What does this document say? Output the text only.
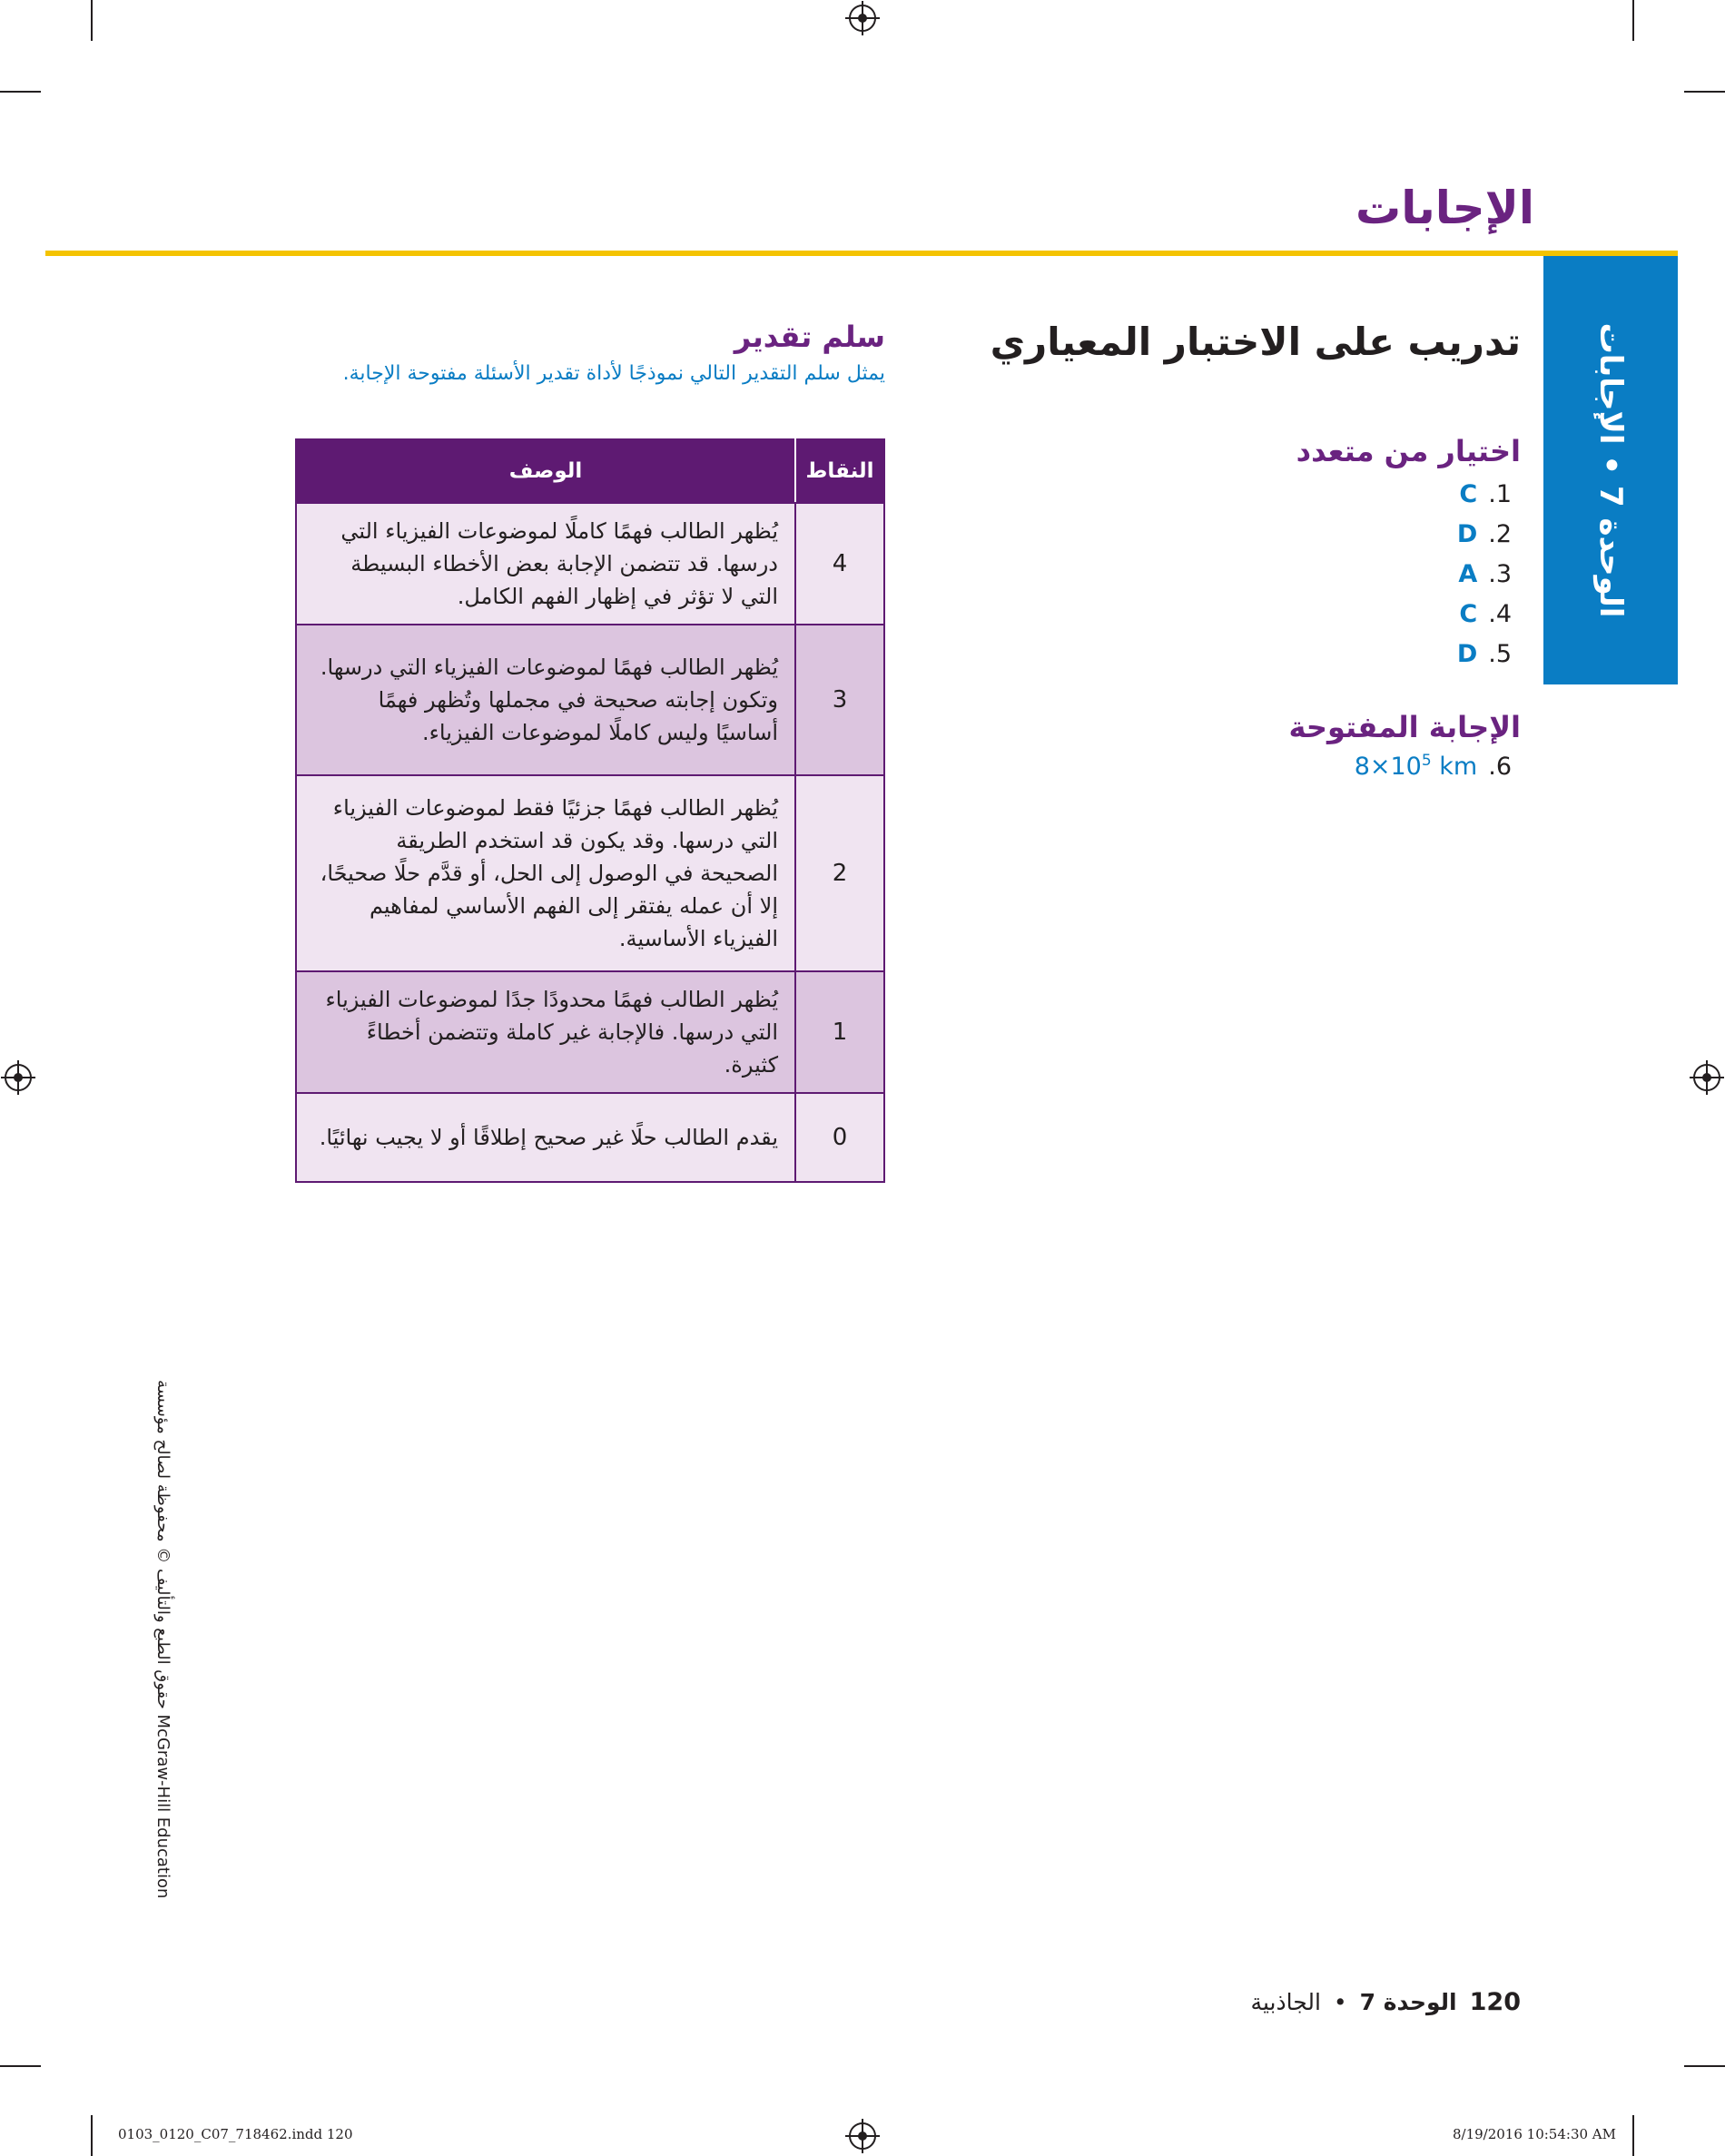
الإجابات
الوحدة 7 • الإجابات
تدريب على الاختبار المعياري
اختيار من متعدد
C .1
D .2
A .3
C .4
D .5
الإجابة المفتوحة
$8\times 10^5$ km .6
سلم تقدير

يمثل سلم التقدير التالي نموذجًا لأداة تقدير الأسئلة مفتوحة الإجابة.

النقاط	الوصف
4	يُظهر الطالب فهمًا كاملًا لموضوعات الفيزياء التي درسها. قد تتضمن الإجابة بعض الأخطاء البسيطة التي لا تؤثر في إظهار الفهم الكامل.
3	يُظهر الطالب فهمًا لموضوعات الفيزياء التي درسها. وتكون إجابته صحيحة في مجملها وتُظهر فهمًا أساسيًا وليس كاملًا لموضوعات الفيزياء.
2	يُظهر الطالب فهمًا جزئيًا فقط لموضوعات الفيزياء التي درسها. وقد يكون قد استخدم الطريقة الصحيحة في الوصول إلى الحل، أو قدَّم حلًا صحيحًا، إلا أن عمله يفتقر إلى الفهم الأساسي لمفاهيم الفيزياء الأساسية.
1	يُظهر الطالب فهمًا محدودًا جدًا لموضوعات الفيزياء التي درسها. فالإجابة غير كاملة وتتضمن أخطاءً كثيرة.
0	يقدم الطالب حلًا غير صحيح إطلاقًا أو لا يجيب نهائيًا.
120
الوحدة 7
•
الجاذبية
حقوق الطبع والتأليف © محفوظة لصالح مؤسسة McGraw-Hill Education
0103_0120_C07_718462.indd 120	8/19/2016 10:54:30 AM
